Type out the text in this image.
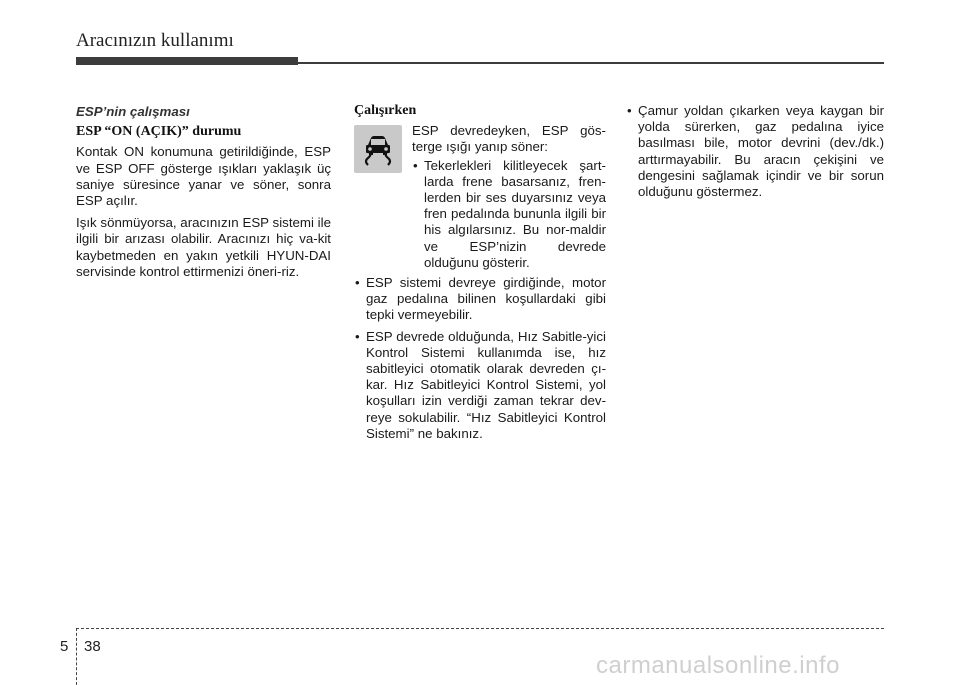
Aracınızın kullanımı
ESP’nin çalışması
ESP “ON (AÇIK)” durumu

Kontak ON konumuna getirildiğinde, ESP ve ESP OFF gösterge ışıkları yaklaşık üç saniye süresince yanar ve söner, sonra ESP açılır.

Işık sönmüyorsa, aracınızın ESP sistemi ile ilgili bir arızası olabilir. Aracınızı hiç va-kit kaybetmeden en yakın yetkili HYUN-DAI servisinde kontrol ettirmenizi öneri-riz.

Çalışırken
ESP devredeyken, ESP gös-terge ışığı yanıp söner:
• Tekerlekleri kilitleyecek şart-larda frene basarsanız, fren-lerden bir ses duyarsınız veya fren pedalında bununla ilgili bir his algılarsınız. Bu nor-maldir ve ESP’nizin devrede olduğunu gösterir.
• ESP sistemi devreye girdiğinde, motor gaz pedalına bilinen koşullardaki gibi tepki vermeyebilir.
• ESP devrede olduğunda, Hız Sabitle-yici Kontrol Sistemi kullanımda ise, hız sabitleyici otomatik olarak devreden çı-kar. Hız Sabitleyici Kontrol Sistemi, yol koşulları izin verdiği zaman tekrar dev-reye sokulabilir. “Hız Sabitleyici Kontrol Sistemi” ne bakınız.
• Çamur yoldan çıkarken veya kaygan bir yolda sürerken, gaz pedalına iyice basılması bile, motor devrini (dev./dk.) arttırmayabilir. Bu aracın çekişini ve dengesini sağlamak içindir ve bir sorun olduğunu göstermez.
5 38
carmanualsonline.info
